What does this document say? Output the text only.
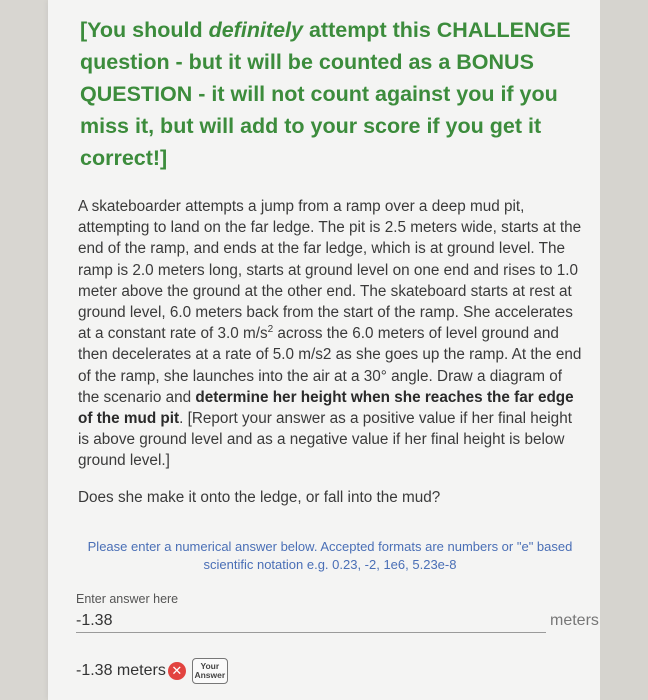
[You should definitely attempt this CHALLENGE question - but it will be counted as a BONUS QUESTION - it will not count against you if you miss it, but will add to your score if you get it correct!]

A skateboarder attempts a jump from a ramp over a deep mud pit, attempting to land on the far ledge. The pit is 2.5 meters wide, starts at the end of the ramp, and ends at the far ledge, which is at ground level. The ramp is 2.0 meters long, starts at ground level on one end and rises to 1.0 meter above the ground at the other end. The skateboard starts at rest at ground level, 6.0 meters back from the start of the ramp. She accelerates at a constant rate of 3.0 $m/s^2$ across the 6.0 meters of level ground and then decelerates at a rate of 5.0 m/s2 as she goes up the ramp. At the end of the ramp, she launches into the air at a 30° angle. Draw a diagram of the scenario and determine her height when she reaches the far edge of the mud pit. [Report your answer as a positive value if her final height is above ground level and as a negative value if her final height is below ground level.]

Does she make it onto the ledge, or fall into the mud?

Please enter a numerical answer below. Accepted formats are numbers or "e" based scientific notation e.g. 0.23, -2, 1e6, 5.23e-8

Enter answer here
-1.38
meters
-1.38 meters ✕	Your
Answer
